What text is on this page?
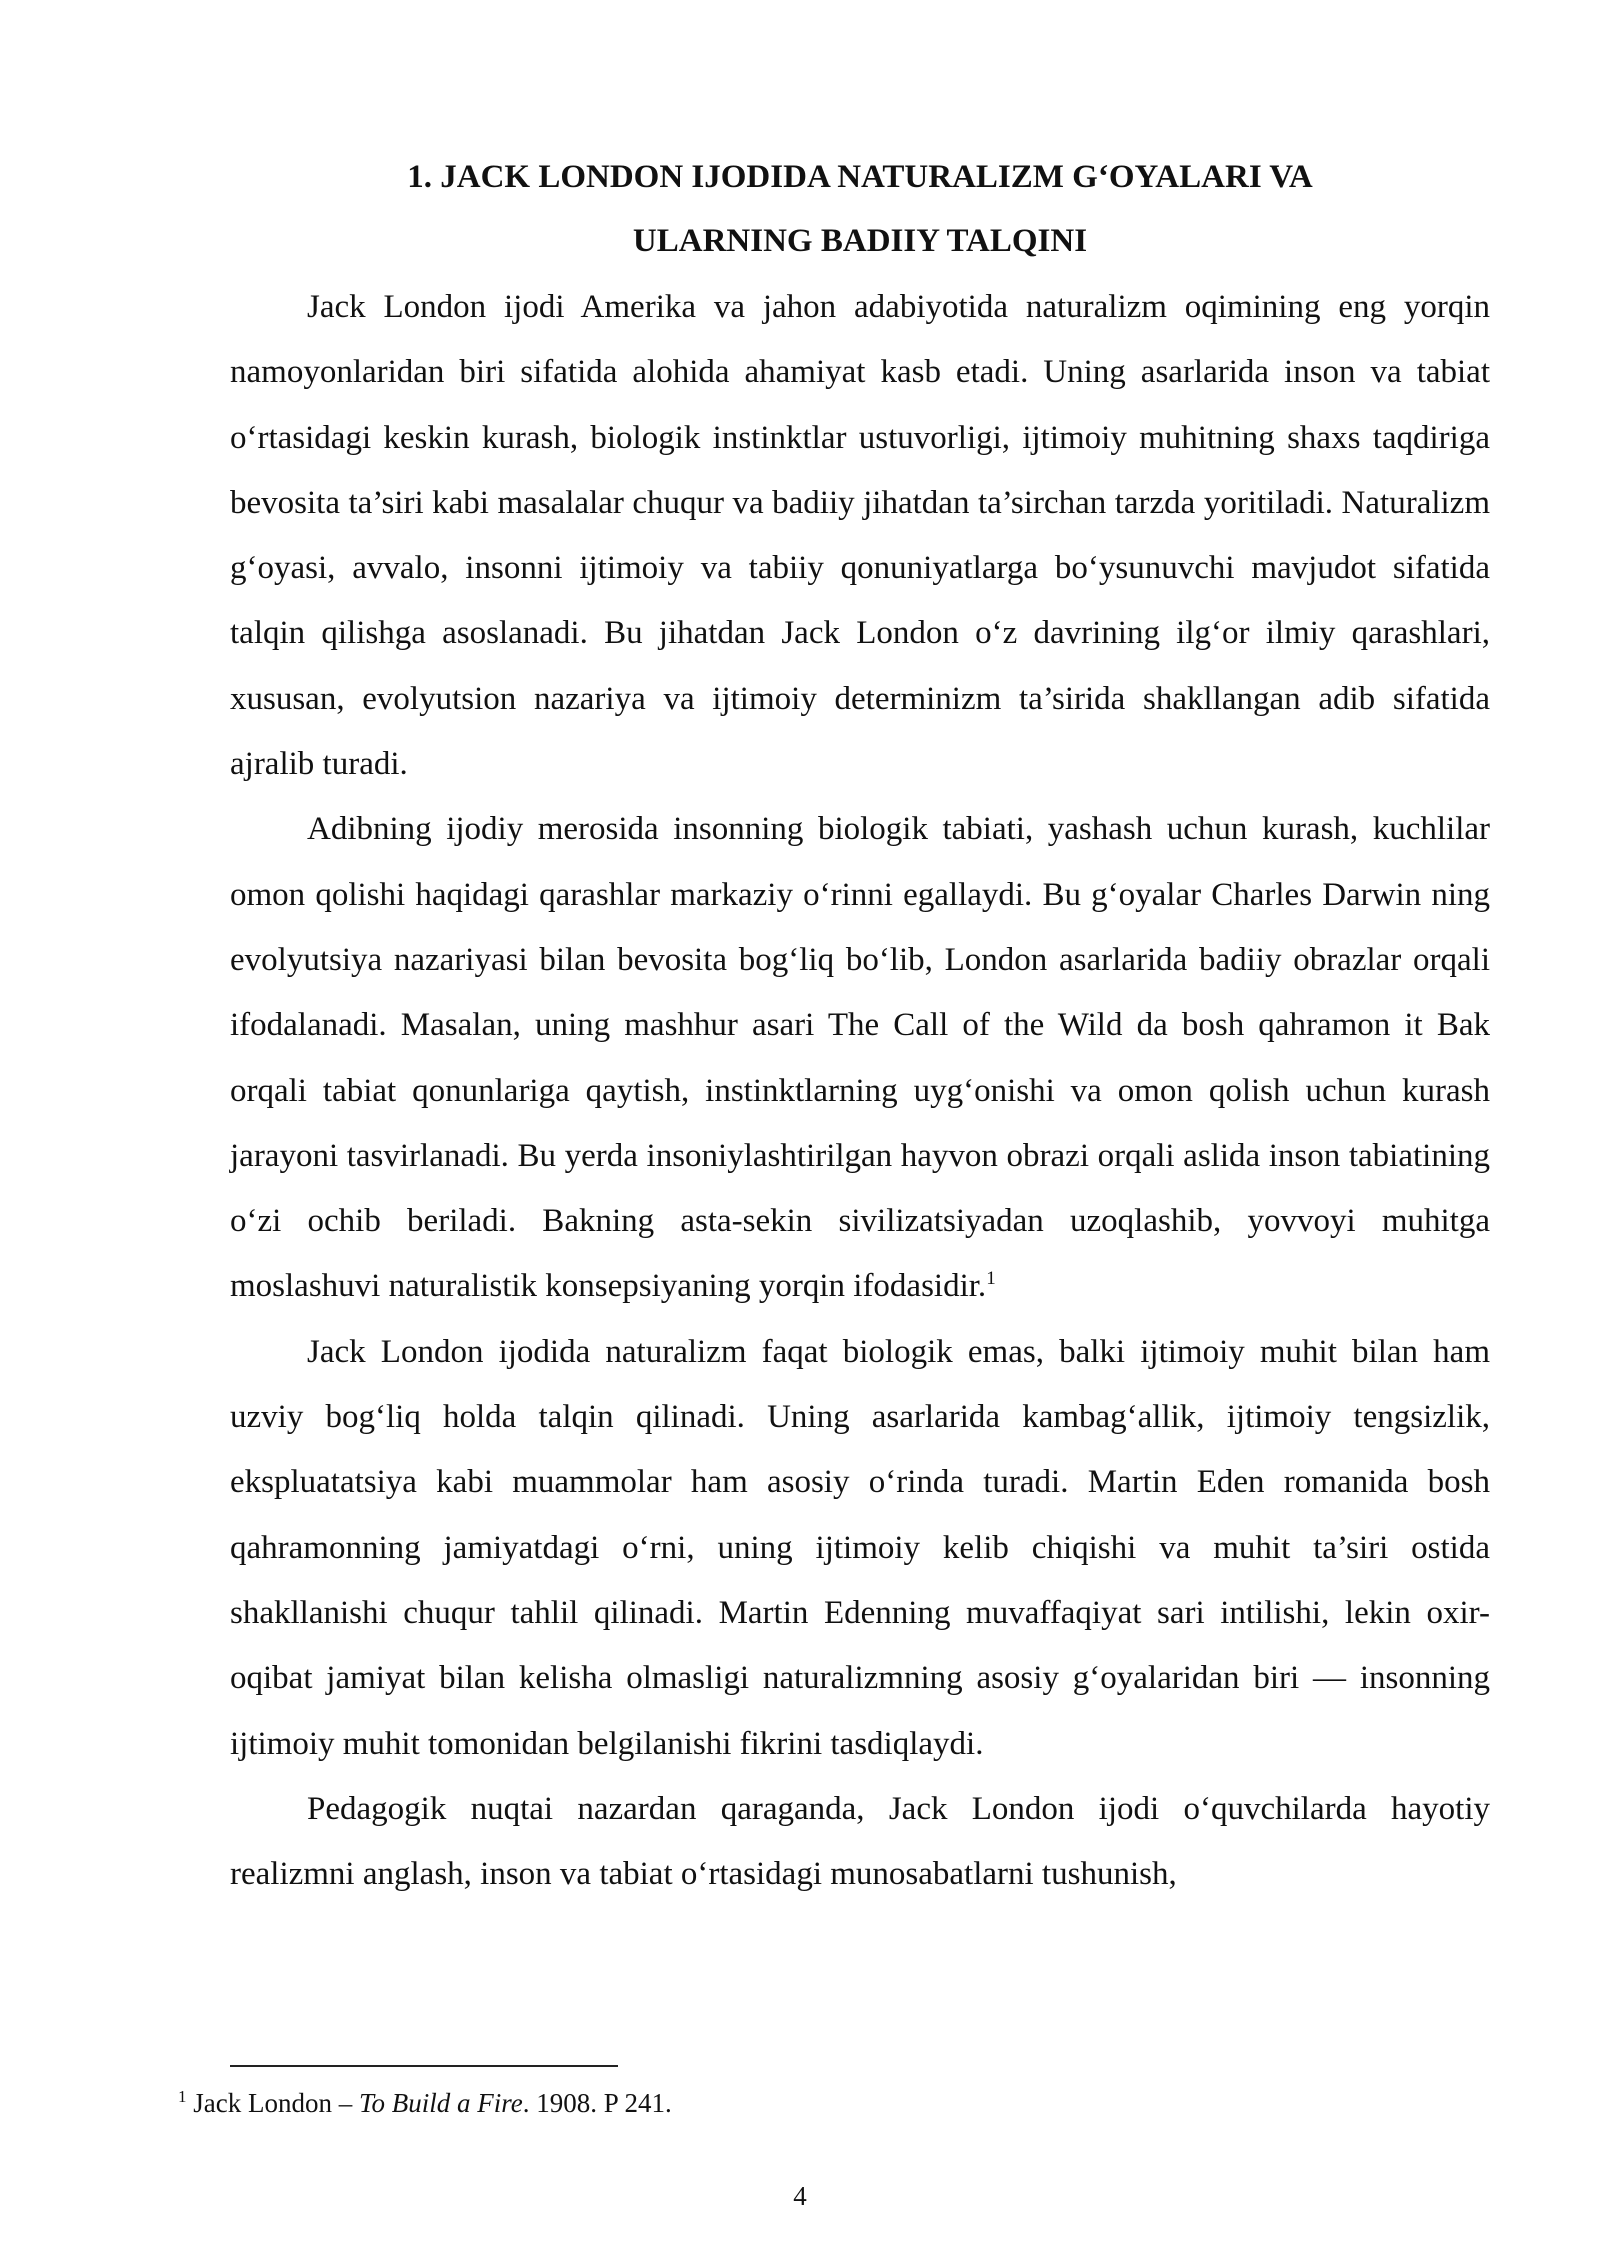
1. JACK LONDON IJODIDA NATURALIZM G‘OYALARI VA
ULARNING BADIIY TALQINI

Jack London ijodi Amerika va jahon adabiyotida naturalizm oqimining eng yorqin namoyonlaridan biri sifatida alohida ahamiyat kasb etadi. Uning asarlarida inson va tabiat o‘rtasidagi keskin kurash, biologik instinktlar ustuvorligi, ijtimoiy muhitning shaxs taqdiriga bevosita ta’siri kabi masalalar chuqur va badiiy jihatdan ta’sirchan tarzda yoritiladi. Naturalizm g‘oyasi, avvalo, insonni ijtimoiy va tabiiy qonuniyatlarga bo‘ysunuvchi mavjudot sifatida talqin qilishga asoslanadi. Bu jihatdan Jack London o‘z davrining ilg‘or ilmiy qarashlari, xususan, evolyutsion nazariya va ijtimoiy determinizm ta’sirida shakllangan adib sifatida ajralib turadi.

Adibning ijodiy merosida insonning biologik tabiati, yashash uchun kurash, kuchlilar omon qolishi haqidagi qarashlar markaziy o‘rinni egallaydi. Bu g‘oyalar Charles Darwin ning evolyutsiya nazariyasi bilan bevosita bog‘liq bo‘lib, London asarlarida badiiy obrazlar orqali ifodalanadi. Masalan, uning mashhur asari The Call of the Wild da bosh qahramon it Bak orqali tabiat qonunlariga qaytish, instinktlarning uyg‘onishi va omon qolish uchun kurash jarayoni tasvirlanadi. Bu yerda insoniylashtirilgan hayvon obrazi orqali aslida inson tabiatining o‘zi ochib beriladi. Bakning asta-sekin sivilizatsiyadan uzoqlashib, yovvoyi muhitga moslashuvi naturalistik konsepsiyaning yorqin ifodasidir.$^1$

Jack London ijodida naturalizm faqat biologik emas, balki ijtimoiy muhit bilan ham uzviy bog‘liq holda talqin qilinadi. Uning asarlarida kambag‘allik, ijtimoiy tengsizlik, ekspluatatsiya kabi muammolar ham asosiy o‘rinda turadi. Martin Eden romanida bosh qahramonning jamiyatdagi o‘rni, uning ijtimoiy kelib chiqishi va muhit ta’siri ostida shakllanishi chuqur tahlil qilinadi. Martin Edenning muvaffaqiyat sari intilishi, lekin oxir-oqibat jamiyat bilan kelisha olmasligi naturalizmning asosiy g‘oyalaridan biri — insonning ijtimoiy muhit tomonidan belgilanishi fikrini tasdiqlaydi.

Pedagogik nuqtai nazardan qaraganda, Jack London ijodi o‘quvchilarda hayotiy realizmni anglash, inson va tabiat o‘rtasidagi munosabatlarni tushunish,

$^1$ Jack London – To Build a Fire. 1908. P 241.

4
